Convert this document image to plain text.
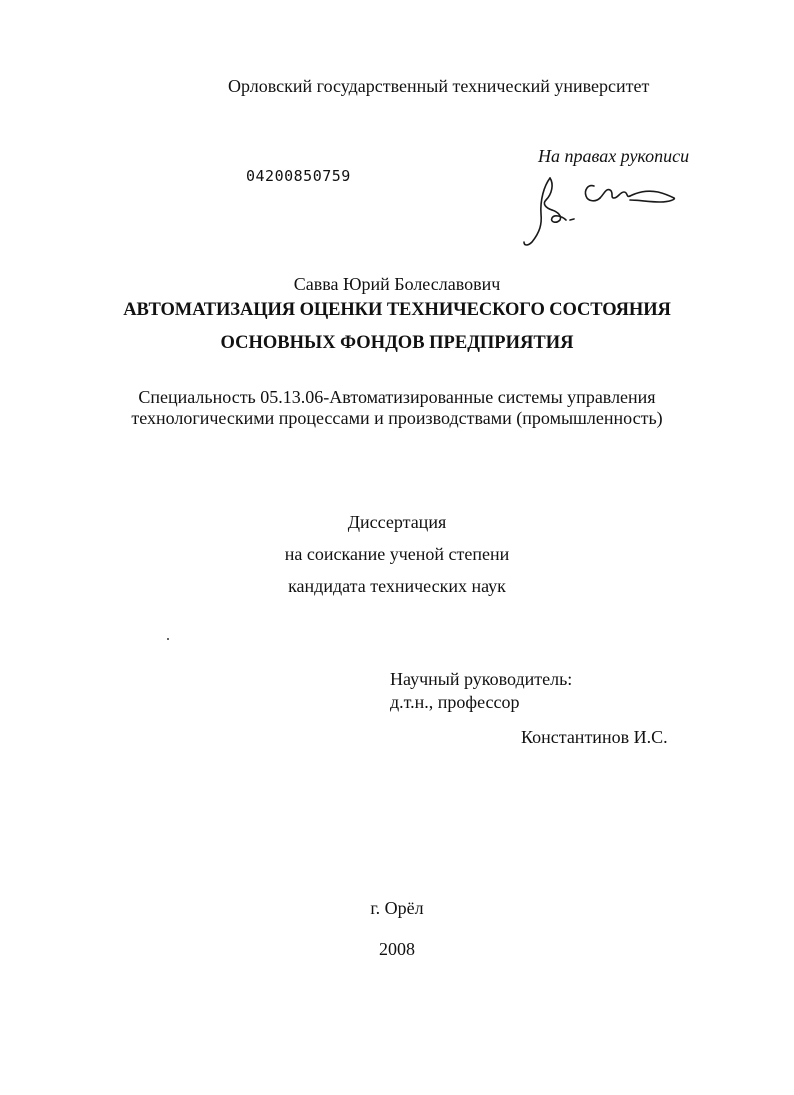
Орловский государственный технический университет
На правах рукописи
04200850759
Савва Юрий Болеславович
АВТОМАТИЗАЦИЯ ОЦЕНКИ ТЕХНИЧЕСКОГО СОСТОЯНИЯ
ОСНОВНЫХ ФОНДОВ ПРЕДПРИЯТИЯ
Специальность 05.13.06-Автоматизированные системы управления
технологическими процессами и производствами (промышленность)
Диссертация
на соискание ученой степени
кандидата технических наук
Научный руководитель:
д.т.н., профессор
Константинов И.С.
г. Орёл
2008
